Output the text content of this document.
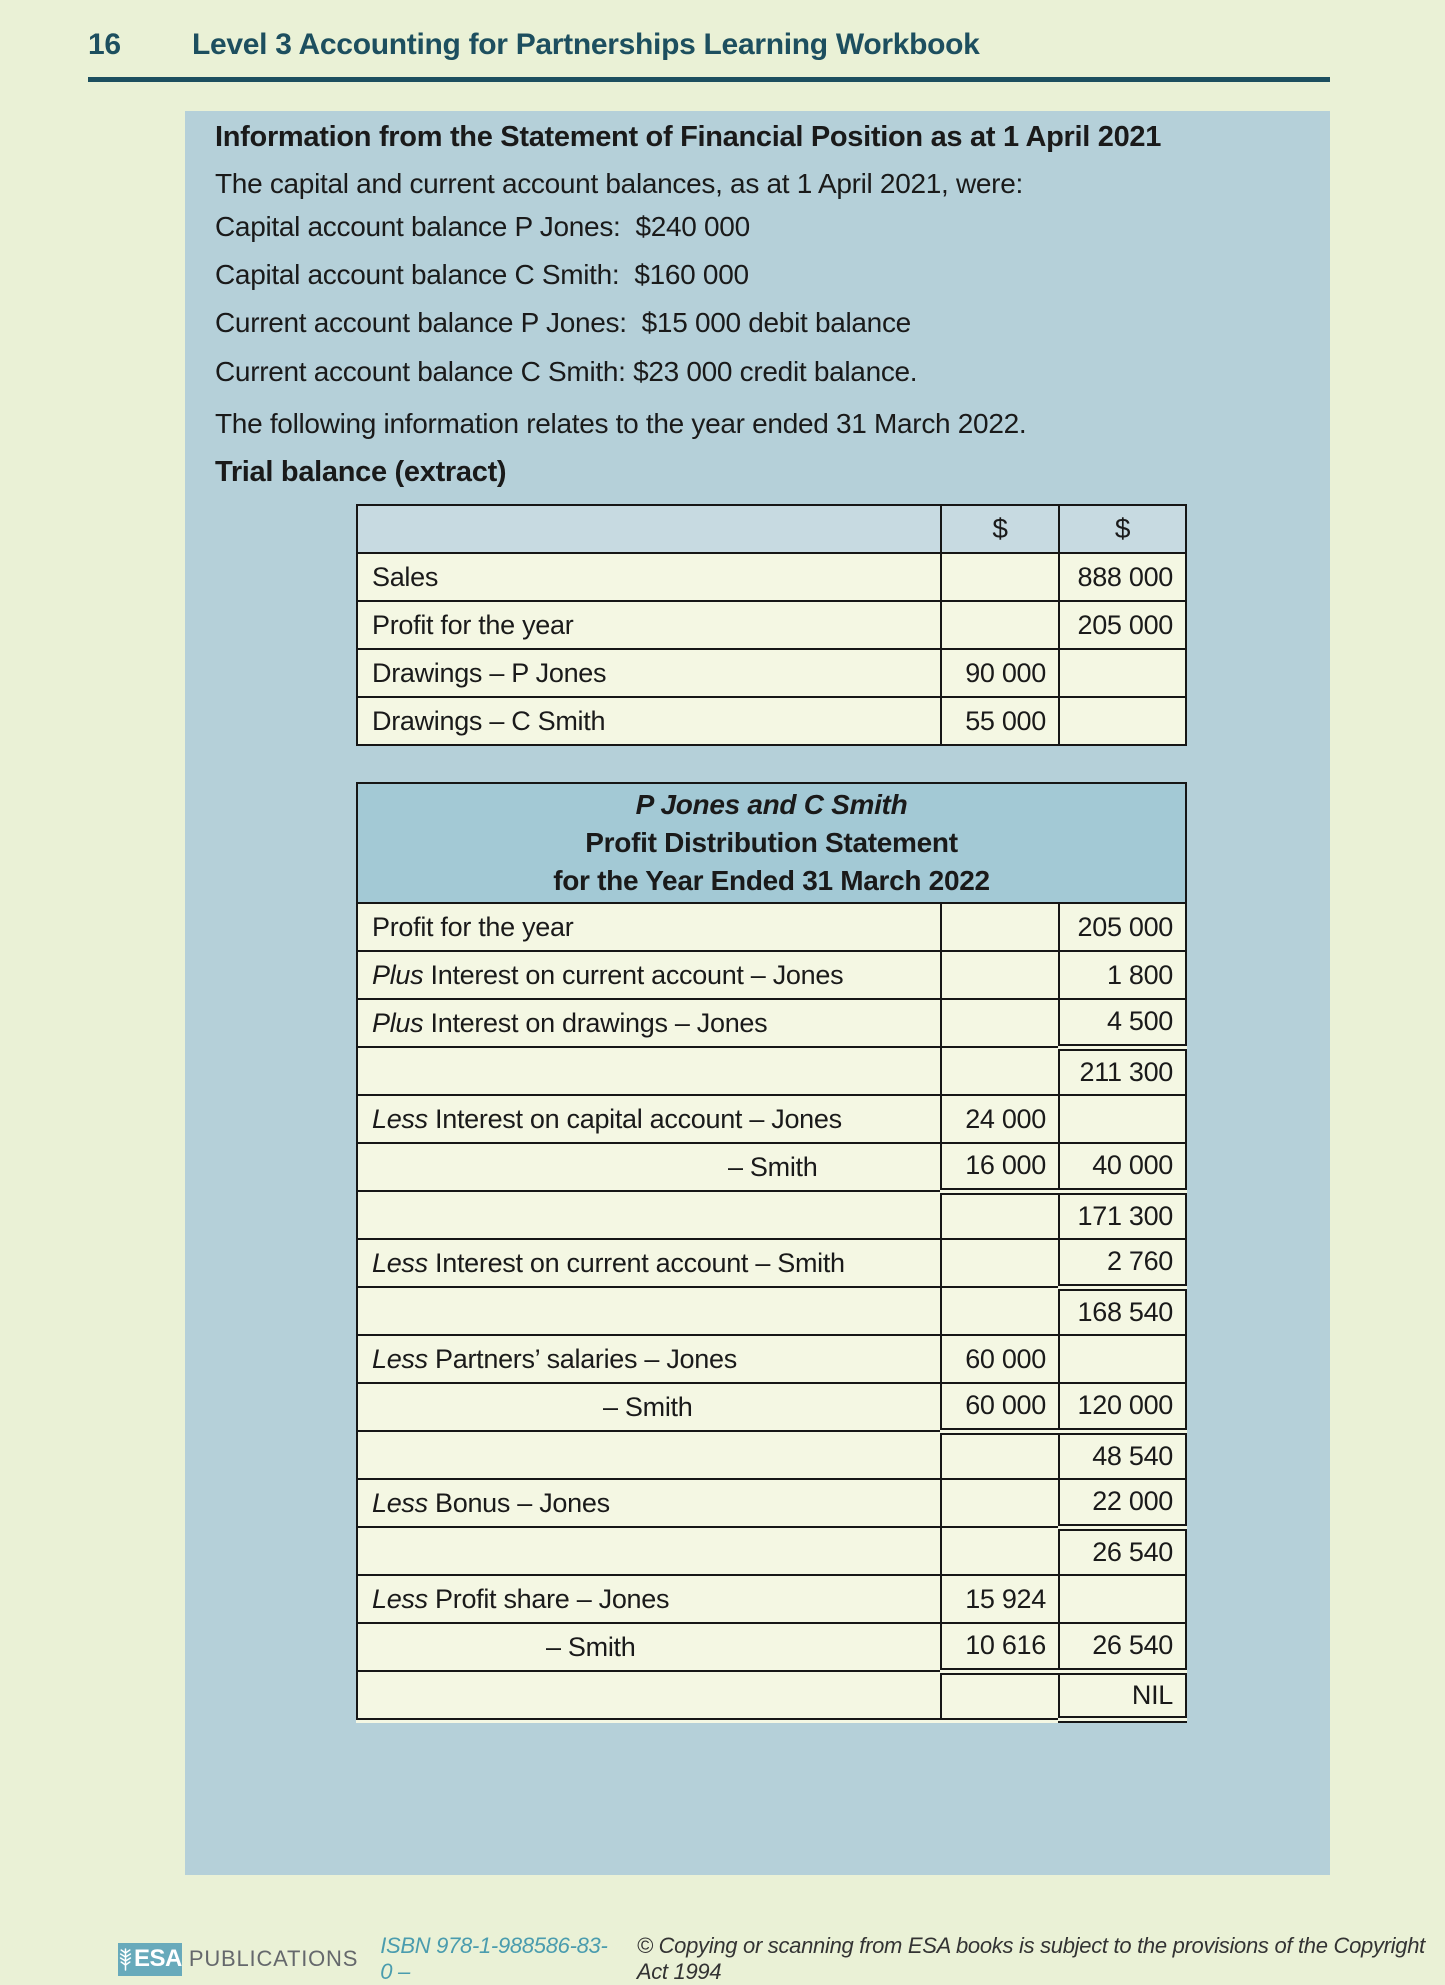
16 Level 3 Accounting for Partnerships Learning Workbook
Information from the Statement of Financial Position as at 1 April 2021
The capital and current account balances, as at 1 April 2021, were:
Capital account balance P Jones:  $240 000
Capital account balance C Smith:  $160 000
Current account balance P Jones:  $15 000 debit balance
Current account balance C Smith: $23 000 credit balance.
The following information relates to the year ended 31 March 2022.
Trial balance (extract)
	$	$
Sales		888 000
Profit for the year		205 000
Drawings – P Jones	90 000	
Drawings – C Smith	55 000	
P Jones and C Smith
Profit Distribution Statement
for the Year Ended 31 March 2022		

Profit for the year		205 000
Plus Interest on current account – Jones		1 800
Plus Interest on drawings – Jones		4 500
		211 300
Less Interest on capital account – Jones	24 000	
– Smith	16 000	40 000
		171 300
Less Interest on current account – Smith		2 760
		168 540
Less Partners’ salaries – Jones	60 000	
– Smith	60 000	120 000
		48 540
Less Bonus – Jones		22 000
		26 540
Less Profit share – Jones	15 924	
– Smith	10 616	26 540
		NIL
ESA PUBLICATIONS
ISBN 978-1-988586-83-0 –
© Copying or scanning from ESA books is subject to the provisions of the Copyright Act 1994
